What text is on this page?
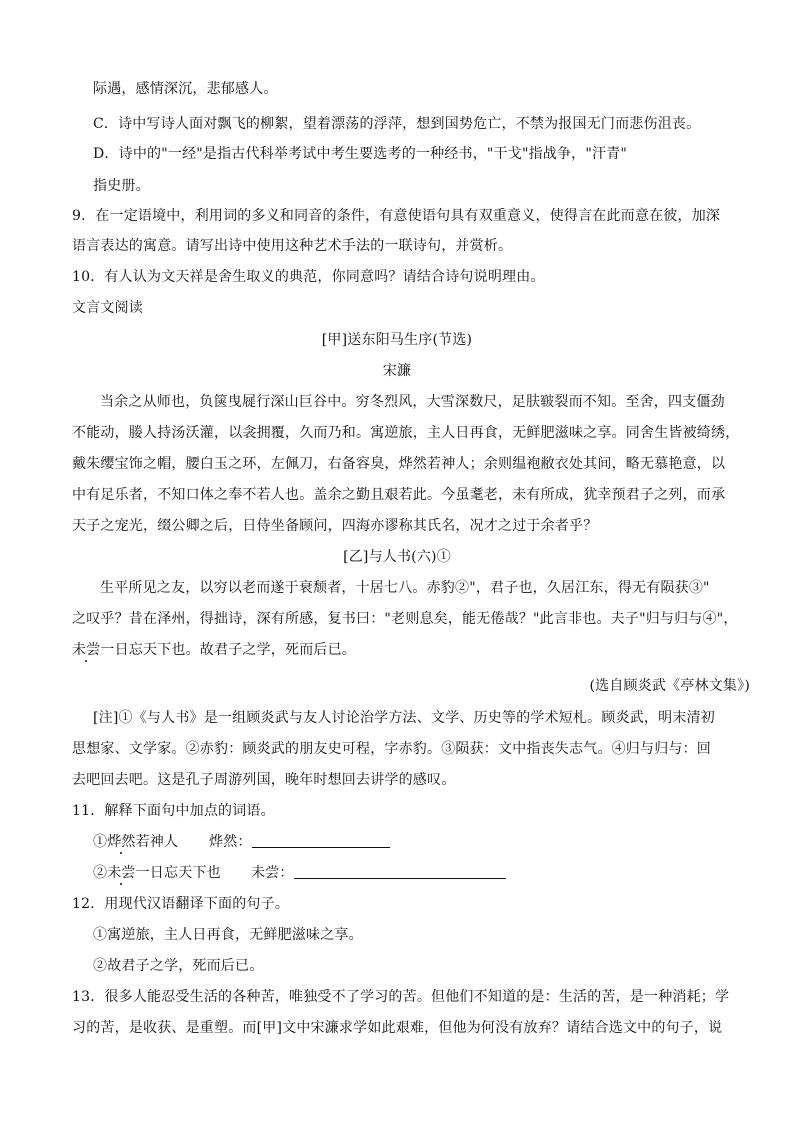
际遇，感情深沉，悲郁感人。
C．诗中写诗人面对飘飞的柳絮，望着漂荡的浮萍，想到国势危亡，不禁为报国无门而悲伤沮丧。
D．诗中的"一经"是指古代科举考试中考生要选考的一种经书，"干戈"指战争，"汗青"
指史册。
9．在一定语境中，利用词的多义和同音的条件，有意使语句具有双重意义，使得言在此而意在彼，加深
语言表达的寓意。请写出诗中使用这种艺术手法的一联诗句，并赏析。
10．有人认为文天祥是舍生取义的典范，你同意吗？请结合诗句说明理由。
文言文阅读
[甲]送东阳马生序(节选)
宋濂
当余之从师也，负箧曳屣行深山巨谷中。穷冬烈风，大雪深数尺，足肤皲裂而不知。至舍，四支僵劲
不能动，媵人持汤沃灌，以衾拥覆，久而乃和。寓逆旅，主人日再食，无鲜肥滋味之享。同舍生皆被绮绣，
戴朱缨宝饰之帽，腰白玉之环，左佩刀，右备容臭，烨然若神人；余则缊袍敝衣处其间，略无慕艳意，以
中有足乐者，不知口体之奉不若人也。盖余之勤且艰若此。今虽耄老，未有所成，犹幸预君子之列，而承
天子之宠光，缀公卿之后，日侍坐备顾问，四海亦谬称其氏名，况才之过于余者乎？
[乙]与人书(六)①
生平所见之友，以穷以老而遂于衰颓者，十居七八。赤豹②"，君子也，久居江东，得无有陨获③"
之叹乎？昔在泽州，得拙诗，深有所感，复书曰："老则息矣，能无倦哉？"此言非也。夫子"归与归与④"，
未尝一日忘天下也。故君子之学，死而后已。
(选自顾炎武《亭林文集》)
[注]①《与人书》是一组顾炎武与友人讨论治学方法、文学、历史等的学术短札。顾炎武，明末清初
思想家、文学家。②赤豹：顾炎武的朋友史可程，字赤豹。③陨获：文中指丧失志气。④归与归与：回
去吧回去吧。这是孔子周游列国，晚年时想回去讲学的感叹。
11．解释下面句中加点的词语。
①烨然若神人 烨然：
②未尝一日忘天下也 未尝：
12．用现代汉语翻译下面的句子。
①寓逆旅，主人日再食，无鲜肥滋味之享。
②故君子之学，死而后已。
13．很多人能忍受生活的各种苦，唯独受不了学习的苦。但他们不知道的是：生活的苦，是一种消耗；学
习的苦，是收获、是重塑。而[甲]文中宋濂求学如此艰难，但他为何没有放弃？请结合选文中的句子，说
